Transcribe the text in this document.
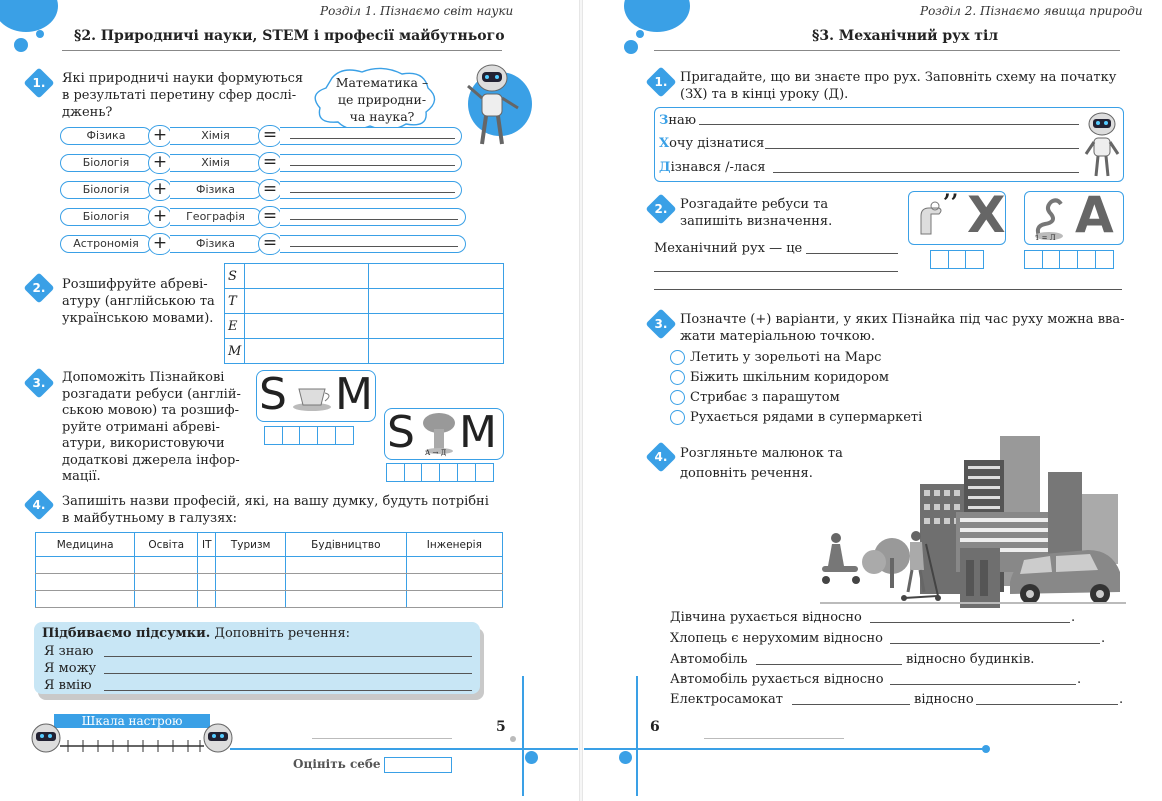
Розділ 1. Пізнаємо світ науки
§2. Природничі науки, STEM і професії майбутнього
1.	Які природничі науки формуються
в результаті перетину сфер дослі-
джень?
Математика –
це природни-
ча наука?
Фізика	+	Хімія	=
Біологія	+	Хімія	=
Біологія	+	Фізика	=
Біологія	+	Географія	=
Астрономія +	Фізика	=
2.	Розшифруйте абреві-
атуру (англійською та
українською мовами).
S		
T		
E		
M		
3.	Допоможіть Пізнайкові
розгадати ребуси (англій-
ською мовою) та розшиф-
руйте отримані абреві-
атури, використовуючи
додаткові джерела інфор-
мації.
S M
S А → Д M
4.	Запишіть назви професій, які, на вашу думку, будуть потрібні
в майбутньому в галузях:
Медицина	Освіта	IT	Туризм	Будівництво	Інженерія

Підбиваємо підсумки. Доповніть речення:
Я знаю
Я можу
Я вмію
Шкала настрою
Оцініть себе
5
Розділ 2. Пізнаємо явища природи
§3. Механічний рух тіл
1. Пригадайте, що ви знаєте про рух. Заповніть схему на початку
(ЗХ) та в кінці уроку (Д).
Знаю
Хочу дізнатися
Дізнався /-лася
2. Розгадайте ребуси та
запишіть визначення.
Механічний рух — це
’’ Х	1 = Л А
3. Позначте (+) варіанти, у яких Пізнайка під час руху можна вва-
жати матеріальною точкою.
Летить у зорельоті на Марс
Біжить шкільним коридором
Стрибає з парашутом
Рухається рядами в супермаркеті
4. Розгляньте малюнок та
доповніть речення.
Дівчина рухається відносно	.
Хлопець є нерухомим відносно	.
Автомобіль	відносно будинків.
Автомобіль рухається відносно	.
Електросамокат	відносно	.
6
